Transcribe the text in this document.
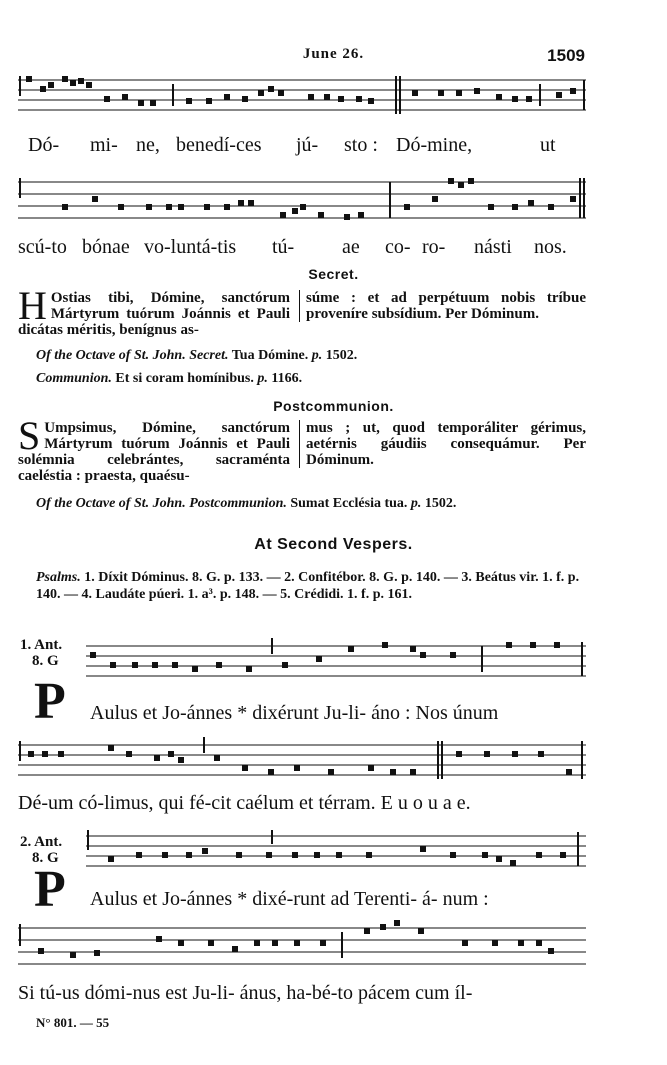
June 26.	1509
Dó- mi- ne, benedí-ces jú- sto : Dó-mine,	ut
scú-to bónae vo-luntá-tis tú- ae co- ro- násti nos.
Secret.
H Ostias tibi, Dómine, sanctórum Mártyrum tuórum Joánnis et Pauli dicátas méritis, benígnus as-
súme : et ad perpétuum nobis tríbue proveníre subsídium. Per Dóminum.
Of the Octave of St. John. Secret. Tua Dómine. p. 1502.
Communion. Et si coram homínibus. p. 1166.
Postcommunion.
S Umpsimus, Dómine, sanctórum Mártyrum tuórum Joánnis et Pauli solémnia celebrántes, sacraménta caeléstia : praesta, quaésu-
mus ; ut, quod temporáliter gérimus, aetérnis gáudiis consequámur. Per Dóminum.
Of the Octave of St. John. Postcommunion. Sumat Ecclésia tua. p. 1502.
At Second Vespers.
Psalms. 1. Díxit Dóminus. 8. G. p. 133. — 2. Confitébor. 8. G. p. 140. — 3. Beátus vir. 1. f. p. 140. — 4. Laudáte púeri. 1. a³. p. 148. — 5. Crédidi. 1. f. p. 161.
1. Ant.
8. G
P Aulus et Jo-ánnes * dixérunt Ju-li- áno : Nos únum
Dé-um có-limus, qui fé-cit caélum et térram. E u o u a e.
2. Ant.
8. G
P Aulus et Jo-ánnes * dixé-runt ad Terenti- á- num :
Si tú-us dómi-nus est Ju-li- ánus, ha-bé-to pácem cum íl-
N° 801. — 55
